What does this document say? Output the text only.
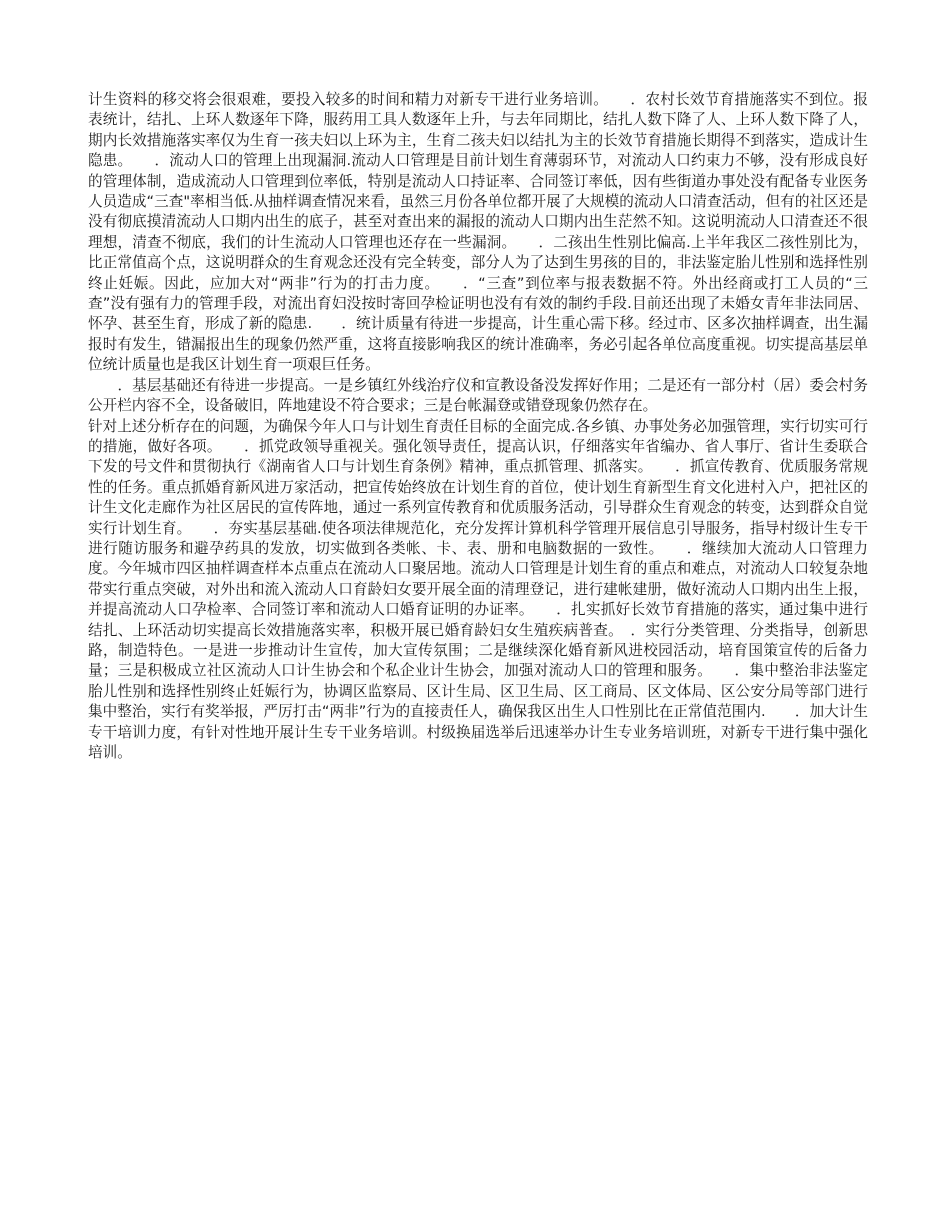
计生资料的移交将会很艰难，要投入较多的时间和精力对新专干进行业务培训。　　．农村长效节育措施落实不到位。报表统计，结扎、上环人数逐年下降，服药用工具人数逐年上升，与去年同期比，结扎人数下降了人、上环人数下降了人，期内长效措施落实率仅为生育一孩夫妇以上环为主，生育二孩夫妇以结扎为主的长效节育措施长期得不到落实，造成计生隐患。　　．流动人口的管理上出现漏洞.流动人口管理是目前计划生育薄弱环节，对流动人口约束力不够，没有形成良好的管理体制，造成流动人口管理到位率低，特别是流动人口持证率、合同签订率低，因有些街道办事处没有配备专业医务人员造成“三查"率相当低.从抽样调查情况来看，虽然三月份各单位都开展了大规模的流动人口清查活动，但有的社区还是没有彻底摸清流动人口期内出生的底子，甚至对查出来的漏报的流动人口期内出生茫然不知。这说明流动人口清查还不很理想，清查不彻底，我们的计生流动人口管理也还存在一些漏洞。　　．二孩出生性别比偏高.上半年我区二孩性别比为，比正常值高个点，这说明群众的生育观念还没有完全转变，部分人为了达到生男孩的目的，非法鉴定胎儿性别和选择性别终止妊娠。因此，应加大对“两非”行为的打击力度。　　．“三查”到位率与报表数据不符。外出经商或打工人员的“三查”没有强有力的管理手段，对流出育妇没按时寄回孕检证明也没有有效的制约手段.目前还出现了未婚女青年非法同居、怀孕、甚至生育，形成了新的隐患.　　．统计质量有待进一步提高，计生重心需下移。经过市、区多次抽样调查，出生漏报时有发生，错漏报出生的现象仍然严重，这将直接影响我区的统计准确率，务必引起各单位高度重视。切实提高基层单位统计质量也是我区计划生育一项艰巨任务。
　　．基层基础还有待进一步提高。一是乡镇红外线治疗仪和宣教设备没发挥好作用；二是还有一部分村（居）委会村务公开栏内容不全，设备破旧，阵地建设不符合要求；三是台帐漏登或错登现象仍然存在。
针对上述分析存在的问题，为确保今年人口与计划生育责任目标的全面完成.各乡镇、办事处务必加强管理，实行切实可行的措施，做好各项。　　．抓党政领导重视关。强化领导责任，提高认识，仔细落实年省编办、省人事厅、省计生委联合下发的号文件和贯彻执行《湖南省人口与计划生育条例》精神，重点抓管理、抓落实。　　．抓宣传教育、优质服务常规性的任务。重点抓婚育新风进万家活动，把宣传始终放在计划生育的首位，使计划生育新型生育文化进村入户，把社区的计生文化走廊作为社区居民的宣传阵地，通过一系列宣传教育和优质服务活动，引导群众生育观念的转变，达到群众自觉实行计划生育。　　．夯实基层基础.使各项法律规范化，充分发挥计算机科学管理开展信息引导服务，指导村级计生专干进行随访服务和避孕药具的发放，切实做到各类帐、卡、表、册和电脑数据的一致性。　　．继续加大流动人口管理力度。今年城市四区抽样调查样本点重点在流动人口聚居地。流动人口管理是计划生育的重点和难点，对流动人口较复杂地带实行重点突破，对外出和流入流动人口育龄妇女要开展全面的清理登记，进行建帐建册，做好流动人口期内出生上报，并提高流动人口孕检率、合同签订率和流动人口婚育证明的办证率。　　．扎实抓好长效节育措施的落实，通过集中进行结扎、上环活动切实提高长效措施落实率，积极开展已婚育龄妇女生殖疾病普查。　．实行分类管理、分类指导，创新思路，制造特色。一是进一步推动计生宣传，加大宣传氛围；二是继续深化婚育新风进校园活动，培育国策宣传的后备力量；三是积极成立社区流动人口计生协会和个私企业计生协会，加强对流动人口的管理和服务。　　．集中整治非法鉴定胎儿性别和选择性别终止妊娠行为，协调区监察局、区计生局、区卫生局、区工商局、区文体局、区公安分局等部门进行集中整治，实行有奖举报，严厉打击“两非”行为的直接责任人，确保我区出生人口性别比在正常值范围内.　　．加大计生专干培训力度，有针对性地开展计生专干业务培训。村级换届选举后迅速举办计生专业务培训班，对新专干进行集中强化培训。
